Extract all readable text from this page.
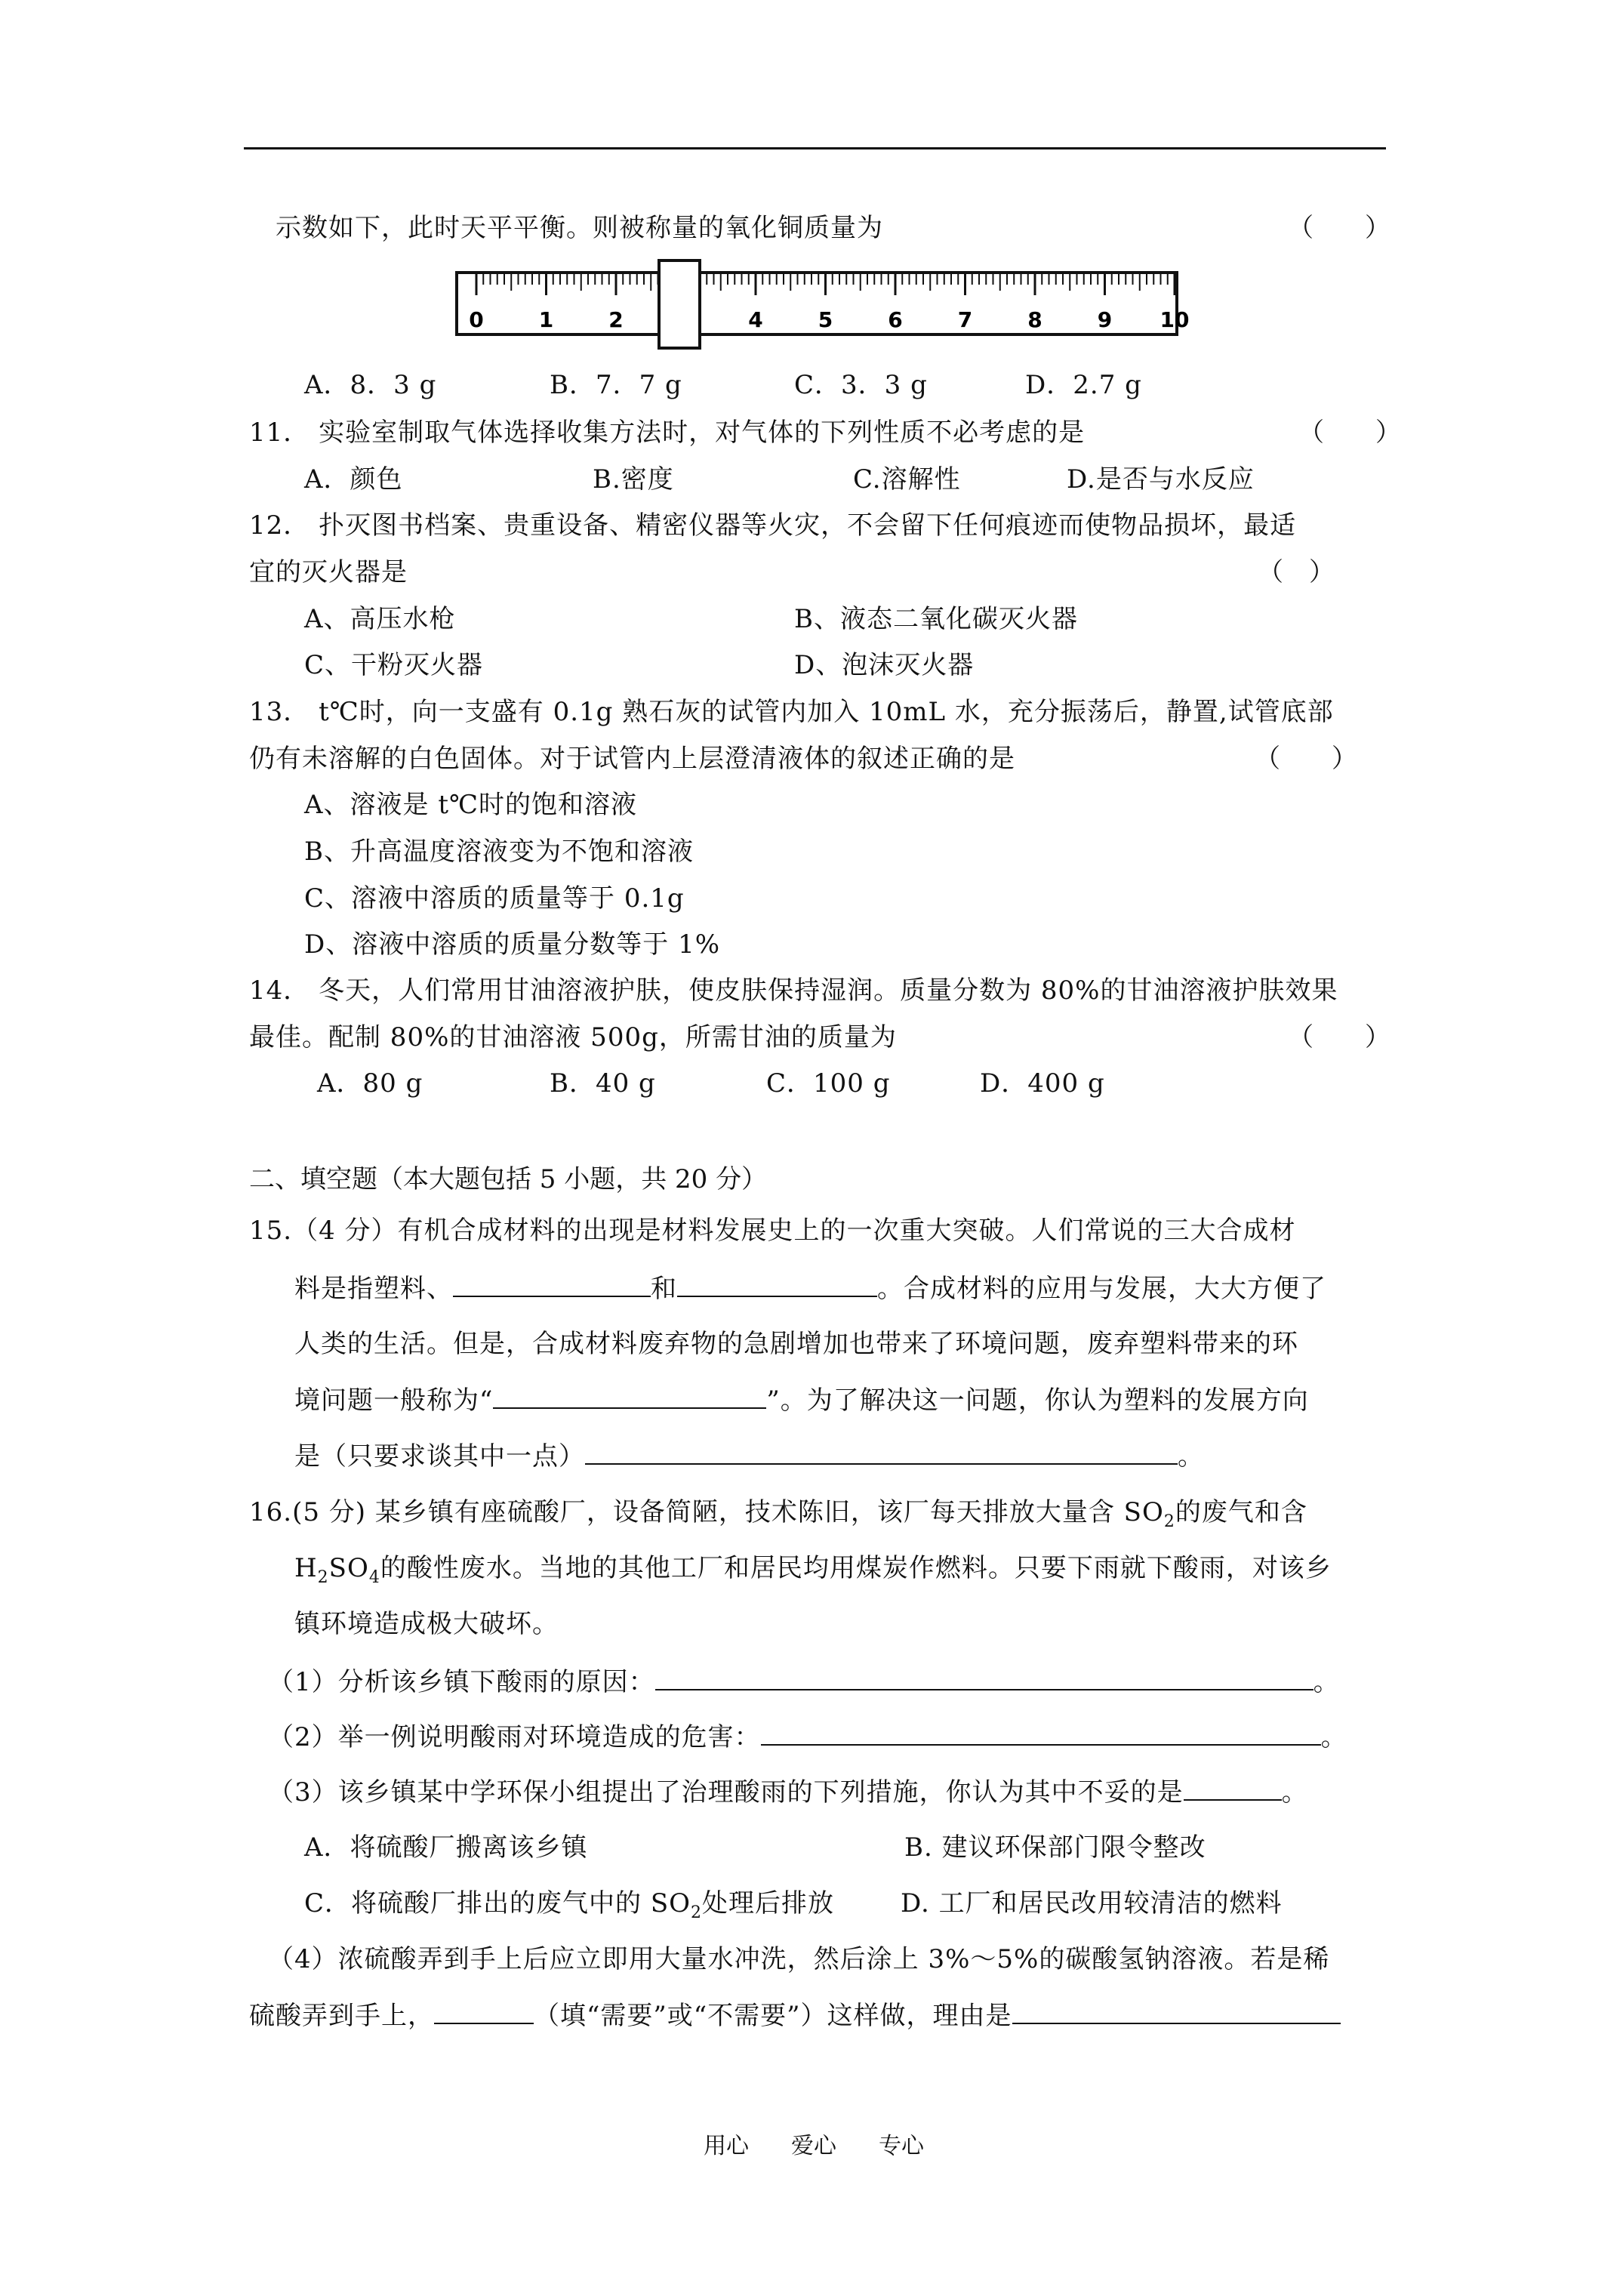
示数如下，此时天平平衡。则被称量的氧化铜质量为	（　　）
0	1	2	4	5	6	7	8	9 10
A．8．3 g	B．7．7 g	C．3．3 g	D．2.7 g
11． 实验室制取气体选择收集方法时，对气体的下列性质不必考虑的是	（　　）
A．颜色	B.密度	C.溶解性	D.是否与水反应
12． 扑灭图书档案、贵重设备、精密仪器等火灾，不会留下任何痕迹而使物品损坏，最适
宜的灭火器是	（　）
A、高压水枪	B、液态二氧化碳灭火器
C、干粉灭火器	D、泡沫灭火器
13． t℃时，向一支盛有 0.1g 熟石灰的试管内加入 10mL 水，充分振荡后，静置,试管底部
仍有未溶解的白色固体。对于试管内上层澄清液体的叙述正确的是	（　　）
A、溶液是 t℃时的饱和溶液
B、升高温度溶液变为不饱和溶液
C、溶液中溶质的质量等于 0.1g
D、溶液中溶质的质量分数等于 1%
14． 冬天，人们常用甘油溶液护肤，使皮肤保持湿润。质量分数为 80%的甘油溶液护肤效果
最佳。配制 80%的甘油溶液 500g，所需甘油的质量为	（　　）
A．80 g	B．40 g	C．100 g	D．400 g
二、填空题（本大题包括 5 小题，共 20 分）
15.（4 分）有机合成材料的出现是材料发展史上的一次重大突破。人们常说的三大合成材
料是指塑料、	和	。合成材料的应用与发展，大大方便了
人类的生活。但是，合成材料废弃物的急剧增加也带来了环境问题，废弃塑料带来的环
境问题一般称为“	”。为了解决这一问题，你认为塑料的发展方向
是（只要求谈其中一点）	。
16.(5 分) 某乡镇有座硫酸厂，设备简陋，技术陈旧，该厂每天排放大量含 $SO_2$的废气和含
$H_2SO_4$的酸性废水。当地的其他工厂和居民均用煤炭作燃料。只要下雨就下酸雨，对该乡
镇环境造成极大破坏。
（1）分析该乡镇下酸雨的原因：	。
（2）举一例说明酸雨对环境造成的危害：	。
（3）该乡镇某中学环保小组提出了治理酸雨的下列措施，你认为其中不妥的是	。
A．将硫酸厂搬离该乡镇	B. 建议环保部门限令整改
C．将硫酸厂排出的废气中的 $SO_2$处理后排放	D. 工厂和居民改用较清洁的燃料
（4）浓硫酸弄到手上后应立即用大量水冲洗，然后涂上 3%～5%的碳酸氢钠溶液。若是稀
硫酸弄到手上，	（填“需要”或“不需要”）这样做，理由是
用心 爱心 专心
